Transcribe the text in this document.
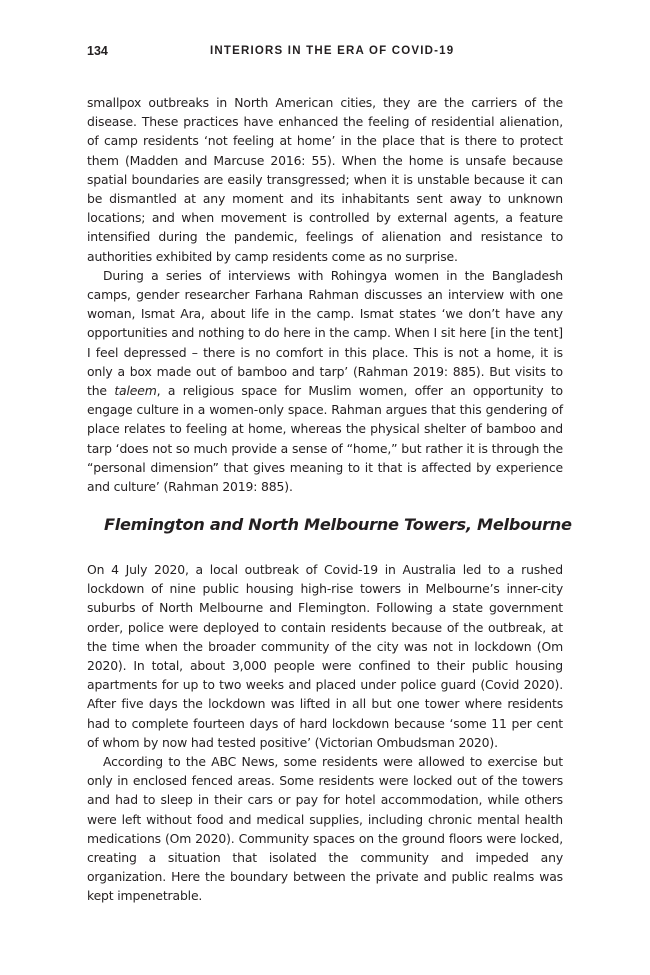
134	INTERIORS IN THE ERA OF COVID-19

smallpox outbreaks in North American cities, they are the carriers of the disease. These practices have enhanced the feeling of residential alienation, of camp residents ‘not feeling at home’ in the place that is there to protect them (Madden and Marcuse 2016: 55). When the home is unsafe because spatial boundaries are easily transgressed; when it is unstable because it can be dismantled at any moment and its inhabitants sent away to unknown locations; and when movement is controlled by external agents, a feature intensified during the pandemic, feelings of alienation and resistance to authorities exhibited by camp residents come as no surprise.

During a series of interviews with Rohingya women in the Bangladesh camps, gender researcher Farhana Rahman discusses an interview with one woman, Ismat Ara, about life in the camp. Ismat states ‘we don’t have any opportunities and nothing to do here in the camp. When I sit here [in the tent] I feel depressed – there is no comfort in this place. This is not a home, it is only a box made out of bamboo and tarp’ (Rahman 2019: 885). But visits to the taleem, a religious space for Muslim women, offer an opportunity to engage culture in a women-only space. Rahman argues that this gendering of place relates to feeling at home, whereas the physical shelter of bamboo and tarp ‘does not so much provide a sense of “home,” but rather it is through the “personal dimension” that gives meaning to it that is affected by experience and culture’ (Rahman 2019: 885).

Flemington and North Melbourne Towers, Melbourne

On 4 July 2020, a local outbreak of Covid-19 in Australia led to a rushed lockdown of nine public housing high-rise towers in Melbourne’s inner-city suburbs of North Melbourne and Flemington. Following a state government order, police were deployed to contain residents because of the outbreak, at the time when the broader community of the city was not in lockdown (Om 2020). In total, about 3,000 people were confined to their public housing apartments for up to two weeks and placed under police guard (Covid 2020). After five days the lockdown was lifted in all but one tower where residents had to complete fourteen days of hard lockdown because ‘some 11 per cent of whom by now had tested positive’ (Victorian Ombudsman 2020).

According to the ABC News, some residents were allowed to exercise but only in enclosed fenced areas. Some residents were locked out of the towers and had to sleep in their cars or pay for hotel accommodation, while others were left without food and medical supplies, including chronic mental health medications (Om 2020). Community spaces on the ground floors were locked, creating a situation that isolated the community and impeded any organization. Here the boundary between the private and public realms was kept impenetrable.
